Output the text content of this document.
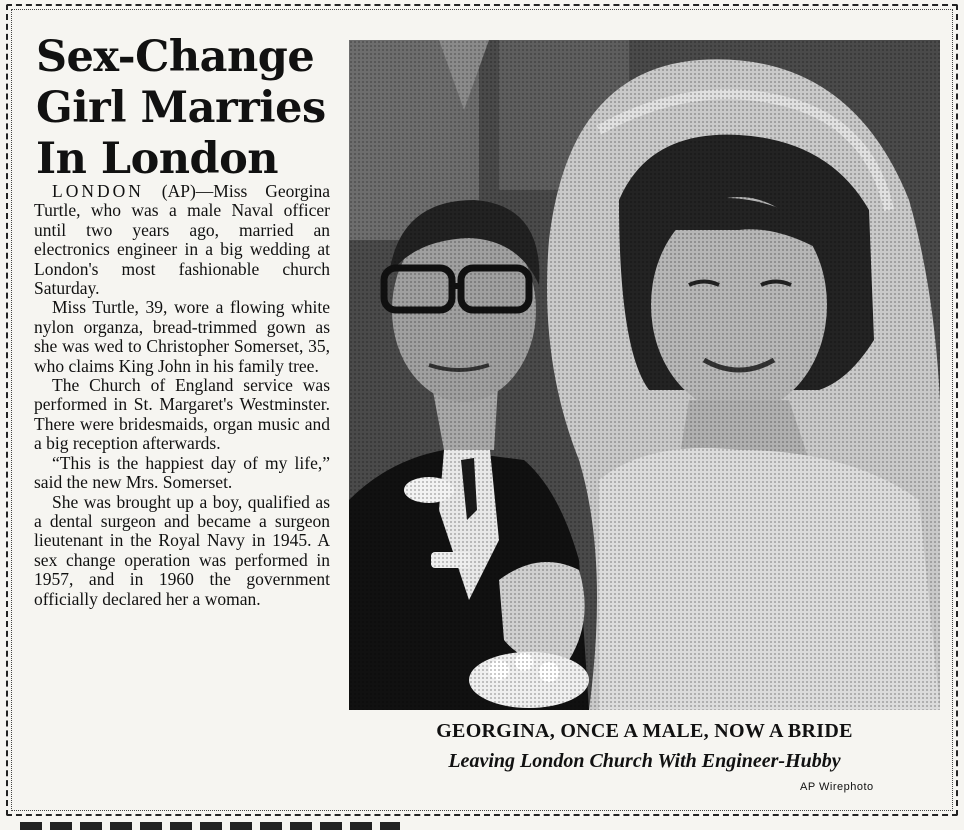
Sex-Change
Girl Marries
In London

LONDON (AP)—Miss Georgina Turtle, who was a male Naval officer until two years ago, married an electronics engineer in a big wedding at London's most fashionable church Saturday.

Miss Turtle, 39, wore a flowing white nylon organza, bread-trimmed gown as she was wed to Christopher Somerset, 35, who claims King John in his family tree.

The Church of England service was performed in St. Margaret's Westminster. There were bridesmaids, organ music and a big reception afterwards.

“This is the happiest day of my life,” said the new Mrs. Somerset.

She was brought up a boy, qualified as a dental surgeon and became a surgeon lieutenant in the Royal Navy in 1945. A sex change operation was performed in 1957, and in 1960 the government officially declared her a woman.

GEORGINA, ONCE A MALE, NOW A BRIDE
Leaving London Church With Engineer-Hubby
AP Wirephoto
